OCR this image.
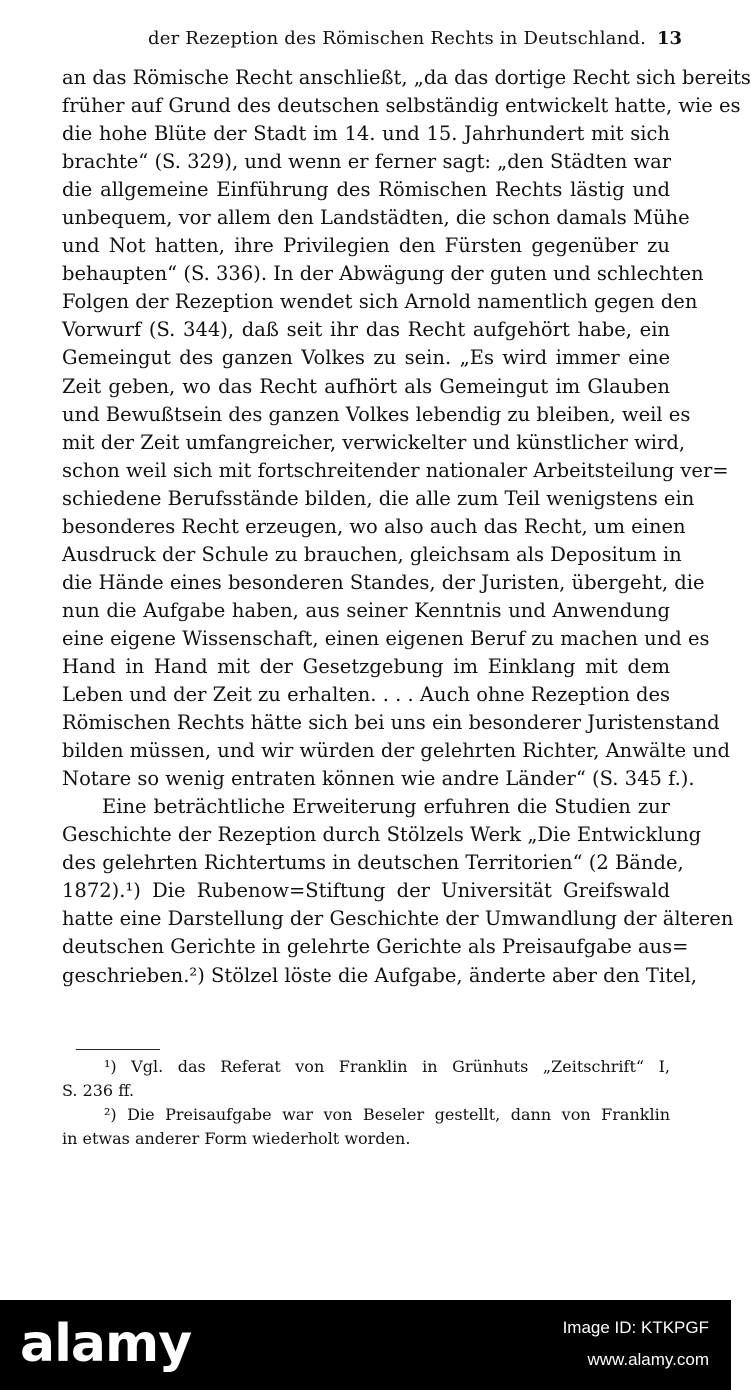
der Rezeption des Römischen Rechts in Deutschland. 13
an das Römische Recht anschließt, „da das dortige Recht sich bereits
früher auf Grund des deutschen selbständig entwickelt hatte, wie es
die hohe Blüte der Stadt im 14. und 15. Jahrhundert mit sich
brachte“ (S. 329), und wenn er ferner sagt: „den Städten war
die allgemeine Einführung des Römischen Rechts lästig und
unbequem, vor allem den Landstädten, die schon damals Mühe
und Not hatten, ihre Privilegien den Fürsten gegenüber zu
behaupten“ (S. 336). In der Abwägung der guten und schlechten
Folgen der Rezeption wendet sich Arnold namentlich gegen den
Vorwurf (S. 344), daß seit ihr das Recht aufgehört habe, ein
Gemeingut des ganzen Volkes zu sein. „Es wird immer eine
Zeit geben, wo das Recht aufhört als Gemeingut im Glauben
und Bewußtsein des ganzen Volkes lebendig zu bleiben, weil es
mit der Zeit umfangreicher, verwickelter und künstlicher wird,
schon weil sich mit fortschreitender nationaler Arbeitsteilung ver=
schiedene Berufsstände bilden, die alle zum Teil wenigstens ein
besonderes Recht erzeugen, wo also auch das Recht, um einen
Ausdruck der Schule zu brauchen, gleichsam als Depositum in
die Hände eines besonderen Standes, der Juristen, übergeht, die
nun die Aufgabe haben, aus seiner Kenntnis und Anwendung
eine eigene Wissenschaft, einen eigenen Beruf zu machen und es
Hand in Hand mit der Gesetzgebung im Einklang mit dem
Leben und der Zeit zu erhalten. . . . Auch ohne Rezeption des
Römischen Rechts hätte sich bei uns ein besonderer Juristenstand
bilden müssen, und wir würden der gelehrten Richter, Anwälte und
Notare so wenig entraten können wie andre Länder“ (S. 345 f.).
Eine beträchtliche Erweiterung erfuhren die Studien zur
Geschichte der Rezeption durch Stölzels Werk „Die Entwicklung
des gelehrten Richtertums in deutschen Territorien“ (2 Bände,
1872).¹) Die Rubenow=Stiftung der Universität Greifswald
hatte eine Darstellung der Geschichte der Umwandlung der älteren
deutschen Gerichte in gelehrte Gerichte als Preisaufgabe aus=
geschrieben.²) Stölzel löste die Aufgabe, änderte aber den Titel,
¹) Vgl. das Referat von Franklin in Grünhuts „Zeitschrift“ I,
S. 236 ff.
²) Die Preisaufgabe war von Beseler gestellt, dann von Franklin
in etwas anderer Form wiederholt worden.
alamy	Image ID: KTKPGF
www.alamy.com
